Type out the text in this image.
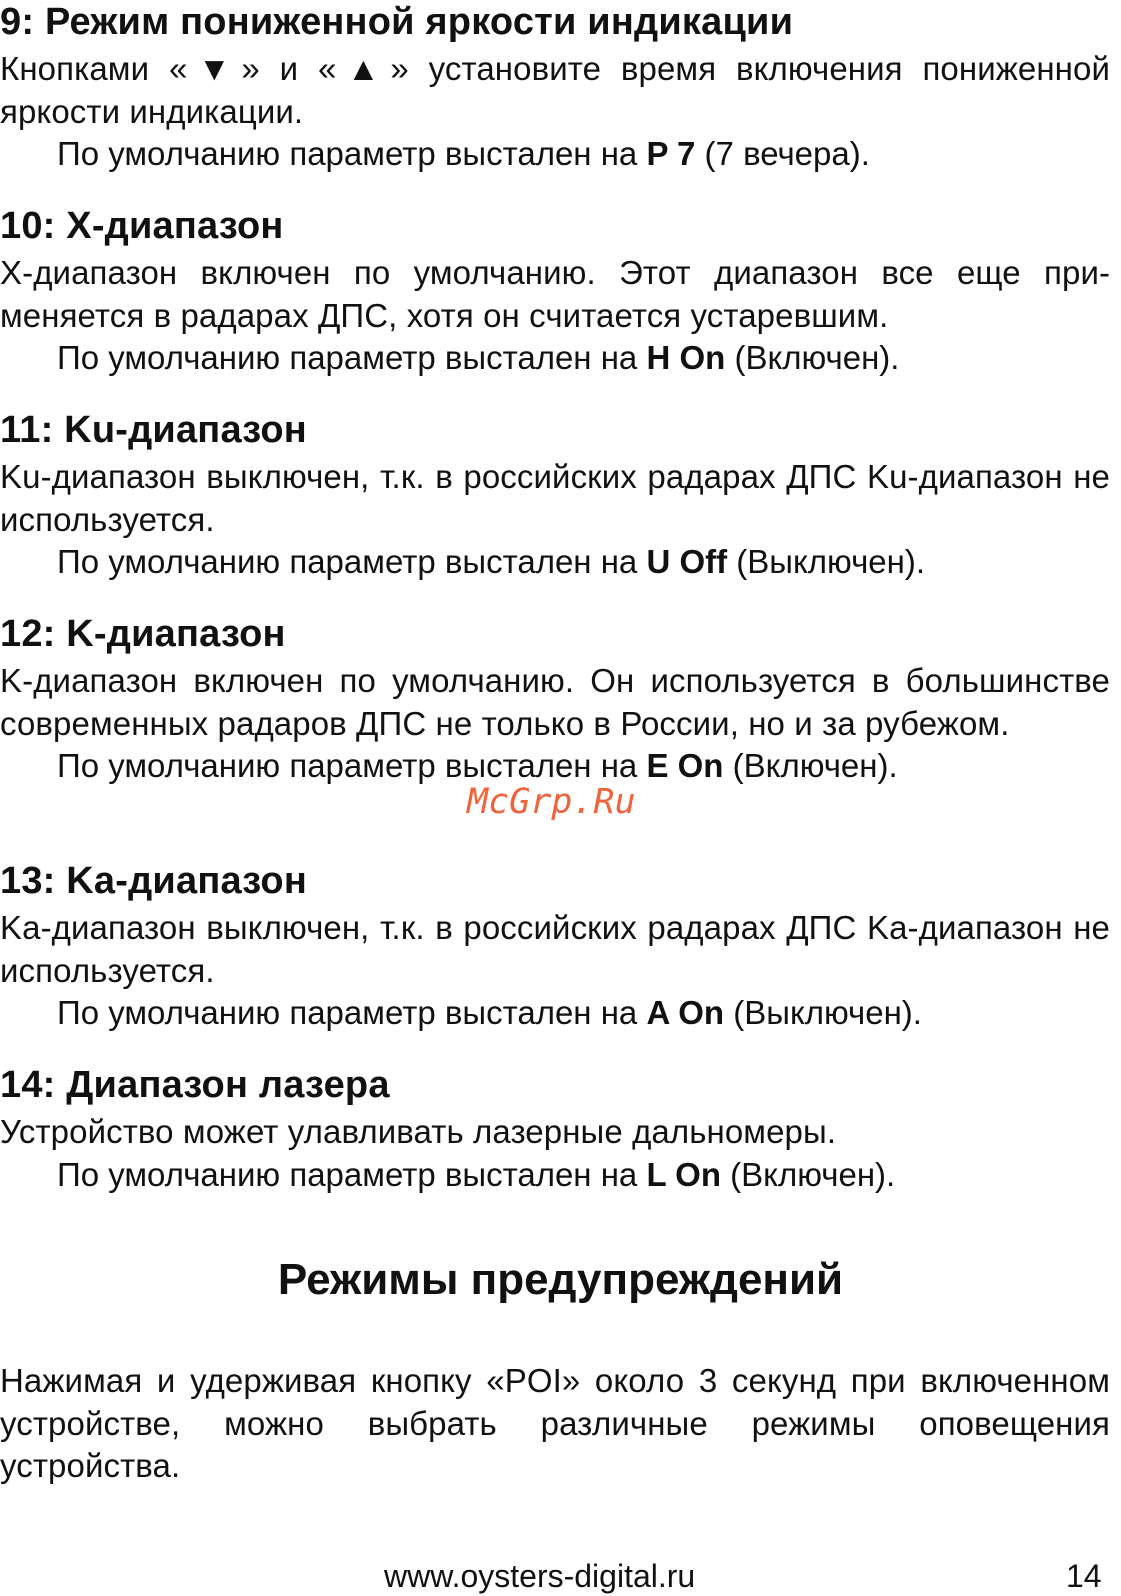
9: Режим пониженной яркости индикации

Кнопками «▼» и «▲» установите время включения пониженной яркости индикации.

По умолчанию параметр выстален на P 7 (7 вечера).

10: X-диапазон

X-диапазон включен по умолчанию. Этот диапазон все еще применяется в радарах ДПС, хотя он считается устаревшим.

По умолчанию параметр выстален на H On (Включен).

11: Ku-диапазон

Ku-диапазон выключен, т.к. в российских радарах ДПС Ku-диапазон не используется.

По умолчанию параметр выстален на U Off (Выключен).

12: K-диапазон

K-диапазон включен по умолчанию. Он используется в большинстве современных радаров ДПС не только в России, но и за рубежом.

По умолчанию параметр выстален на E On (Включен).

13: Ka-диапазон

Ka-диапазон выключен, т.к. в российских радарах ДПС Ka-диапазон не используется.

По умолчанию параметр выстален на A On (Выключен).

14: Диапазон лазера

Устройство может улавливать лазерные дальномеры.

По умолчанию параметр выстален на L On (Включен).

Режимы предупреждений

Нажимая и удерживая кнопку «POI» около 3 секунд при включенном устройстве, можно выбрать различные режимы оповещения устройства.

McGrp.Ru
www.oysters-digital.ru	14
